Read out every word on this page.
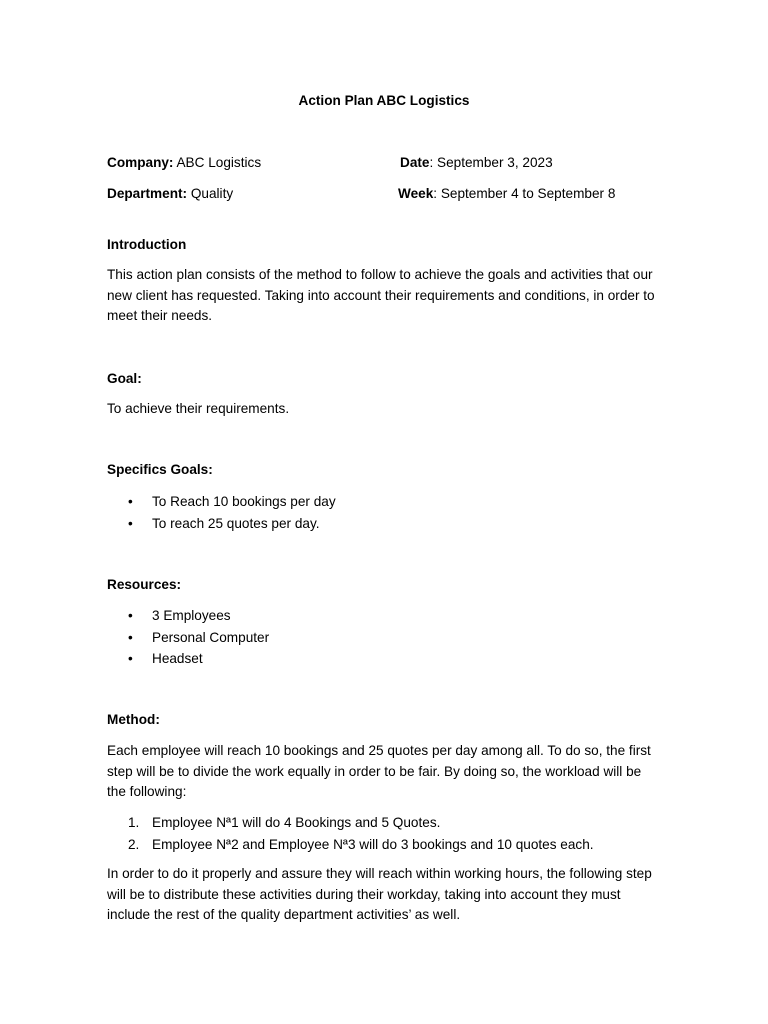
Action Plan ABC Logistics
Company: ABC Logistics	Date: September 3, 2023
Department: Quality	Week: September 4 to September 8
Introduction
This action plan consists of the method to follow to achieve the goals and activities that our new client has requested. Taking into account their requirements and conditions, in order to meet their needs.
Goal:
To achieve their requirements.
Specifics Goals:
• To Reach 10 bookings per day
• To reach 25 quotes per day.
Resources:
• 3 Employees
• Personal Computer
• Headset
Method:
Each employee will reach 10 bookings and 25 quotes per day among all. To do so, the first step will be to divide the work equally in order to be fair. By doing so, the workload will be the following:
1. Employee Nª1 will do 4 Bookings and 5 Quotes.
2. Employee Nª2 and Employee Nª3 will do 3 bookings and 10 quotes each.
In order to do it properly and assure they will reach within working hours, the following step will be to distribute these activities during their workday, taking into account they must include the rest of the quality department activities’ as well.
